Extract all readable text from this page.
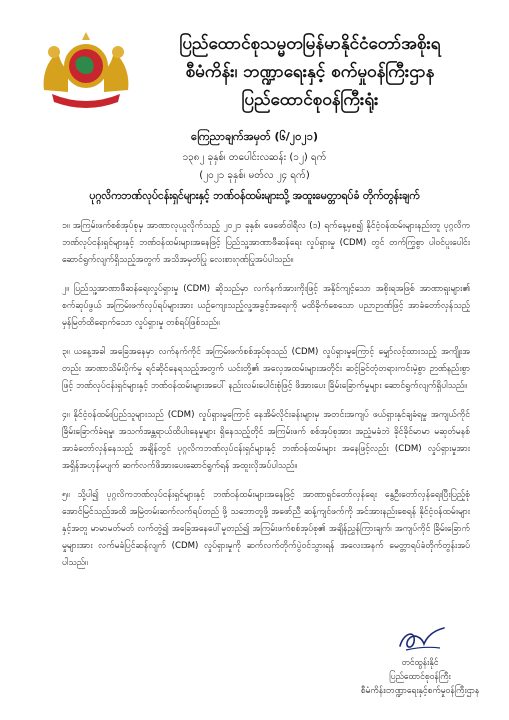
ပြည်ထောင်စုသမ္မတမြန်မာနိုင်ငံတော်အစိုးရ
စီမံကိန်း၊ ဘဏ္ဍာရေးနှင့် စက်မှုဝန်ကြီးဌာန
ပြည်ထောင်စုဝန်ကြီးရုံး
ကြေညာချက်အမှတ် (၆/၂၀၂၁)
၁၃၈၂ ခုနှစ်၊ တပေါင်းလဆန်း (၁၂) ရက်
(၂၀၂၁ ခုနှစ်၊ မတ်လ ၂၄ ရက်)
ပုဂ္ဂလိကဘဏ်လုပ်ငန်းရှင်များနှင့် ဘဏ်ဝန်ထမ်းများသို့ အထူးမေတ္တာရပ်ခံ တိုက်တွန်းချက်

၁။ အကြမ်းဖက်စစ်အုပ်စုမှ အာဏာလုယူလိုက်သည့် ၂၀၂၁ ခုနှစ်၊ ဖေဖော်ဝါရီလ (၁) ရက်နေ့မှစ၍ နိုင်ငံ့ဝန်ထမ်းများနည်းတူ ပုဂ္ဂလိကဘဏ်လုပ်ငန်းရှင်များနှင့် ဘဏ်ဝန်ထမ်းများအနေဖြင့် ပြည်သူ့အာဏာဖီဆန်ရေး လှုပ်ရှားမှု (CDM) တွင် တက်ကြွစွာ ပါဝင်ပူးပေါင်းဆောင်ရွက်လျက်ရှိသည့်အတွက် အသိအမှတ်ပြု လေးစားဂုဏ်ပြုအပ်ပါသည်။

၂။ ပြည်သူ့အာဏာဖီဆန်ရေးလှုပ်ရှားမှု (CDM) ဆိုသည်မှာ လက်နက်အားကိုးဖြင့် အနိုင်ကျင့်သော အစိုးရအဖြစ် အာဏာရူးများ၏ စက်ဆုပ်ဖွယ် အကြမ်းဖက်လုပ်ရပ်များအား ယဉ်ကျေးသည့်လူ့အခွင့်အရေးကို မထိခိုက်စေသော ပညာဉာဏ်ဖြင့် အာခံတော်လှန်သည့် မှန်မြတ်ထိရောက်သော လှုပ်ရှားမှု တစ်ရပ်ဖြစ်သည်။

၃။ ယနေ့အခါ အခြေအနေမှာ လက်နက်ကိုင် အကြမ်းဖက်စစ်အုပ်စုသည် (CDM) လှုပ်ရှားမှုကြောင့် မျှော်လင့်ထားသည့် အကျိုးအတည်း အာဏာသိမ်းပိုက်မှု ရင်ဆိုင်နေရသည့်အတွက် ယင်းတို့၏ အလှေအထမ်းများအတိုင်း ဆင့်ခြင်တုံတရားကင်းမဲ့စွာ ဉာဏ်နည်းစွာဖြင့် ဘဏ်လုပ်ငန်းရှင်များနှင့် ဘဏ်ဝန်ထမ်းများအပေါ် နည်းလမ်းပေါင်းစုံဖြင့် ဖိအားပေး ခြိမ်းခြောက်မှုများ ဆောင်ရွက်လျက်ရှိပါသည်။

၄။ နိုင်ငံ့ဝန်ထမ်းပြည်သူများသည် (CDM) လှုပ်ရှားမှုကြောင့် နေအိမ်လိုင်းခန်းများမှ အတင်းအကျပ် ဖယ်ရှားနှင်ချခံရမှု အကျယ်ကိုင်ခြိမ်းခြောက်ခံရမှု၊ အသက်အန္တရာယ်ထိပါးနေမှုများ ရှိနေသည့်တိုင် အကြမ်းဖက် စစ်အုပ်စုအား အညံ့မခံဘဲ ခိုင်ခိုင်မာမာ မဆုတ်မနစ် အာခံတော်လှန်နေသည့် အချိန်တွင် ပုဂ္ဂလိကဘဏ်လုပ်ငန်းရှင်များနှင့် ဘဏ်ဝန်ထမ်းများ အနေဖြင့်လည်း (CDM) လှုပ်ရှားမှုအား အရှိန်အဟုန်မပျက် ဆက်လက်ဖိအားပေးဆောင်ရွက်ရန် အထူးလိုအပ်ပါသည်။

၅။ သို့ပါ၍ ပုဂ္ဂလိကဘဏ်လုပ်ငန်းရှင်များနှင့် ဘဏ်ဝန်ထမ်းများအနေဖြင့် အာဏာရှင်တော်လှန်ရေး နွေဦးတော်လှန်ရေးပြီးပြည့်စုံအောင်မြင်သည်အထိ အမြဲတမ်းဆက်လက်ရပ်တည် ဖို့ သဘောတူဖို့ အဖော်ညီ ဆန့်ကျင်ဖက်ကို အင်အားနည်းစေရန် နိုင်ငံ့ဝန်ထမ်းများနှင့်အတူ မာမာမတ်မတ် လက်တွဲ၍ အခြေအနေပေါ်မူတည်၍ အကြမ်းဖက်စစ်အုပ်စု၏ အချိန်ညွှန်ကြားချက်၊ အကျပ်ကိုင် ခြိမ်းခြောက်မှုများအား လက်မခံပြင်ဆန်လျက် (CDM) လှုပ်ရှားမှုကို ဆက်လက်တိုက်ပွဲဝင်သွားရန် အလေးအနက် မေတ္တာရပ်ခံတိုက်တွန်းအပ်ပါသည်။

တင်ထွန်းနိုင်
ပြည်ထောင်စုဝန်ကြီး
စီမံကိန်း၊ဘဏ္ဍာရေးနှင့်စက်မှုဝန်ကြီးဌာန
